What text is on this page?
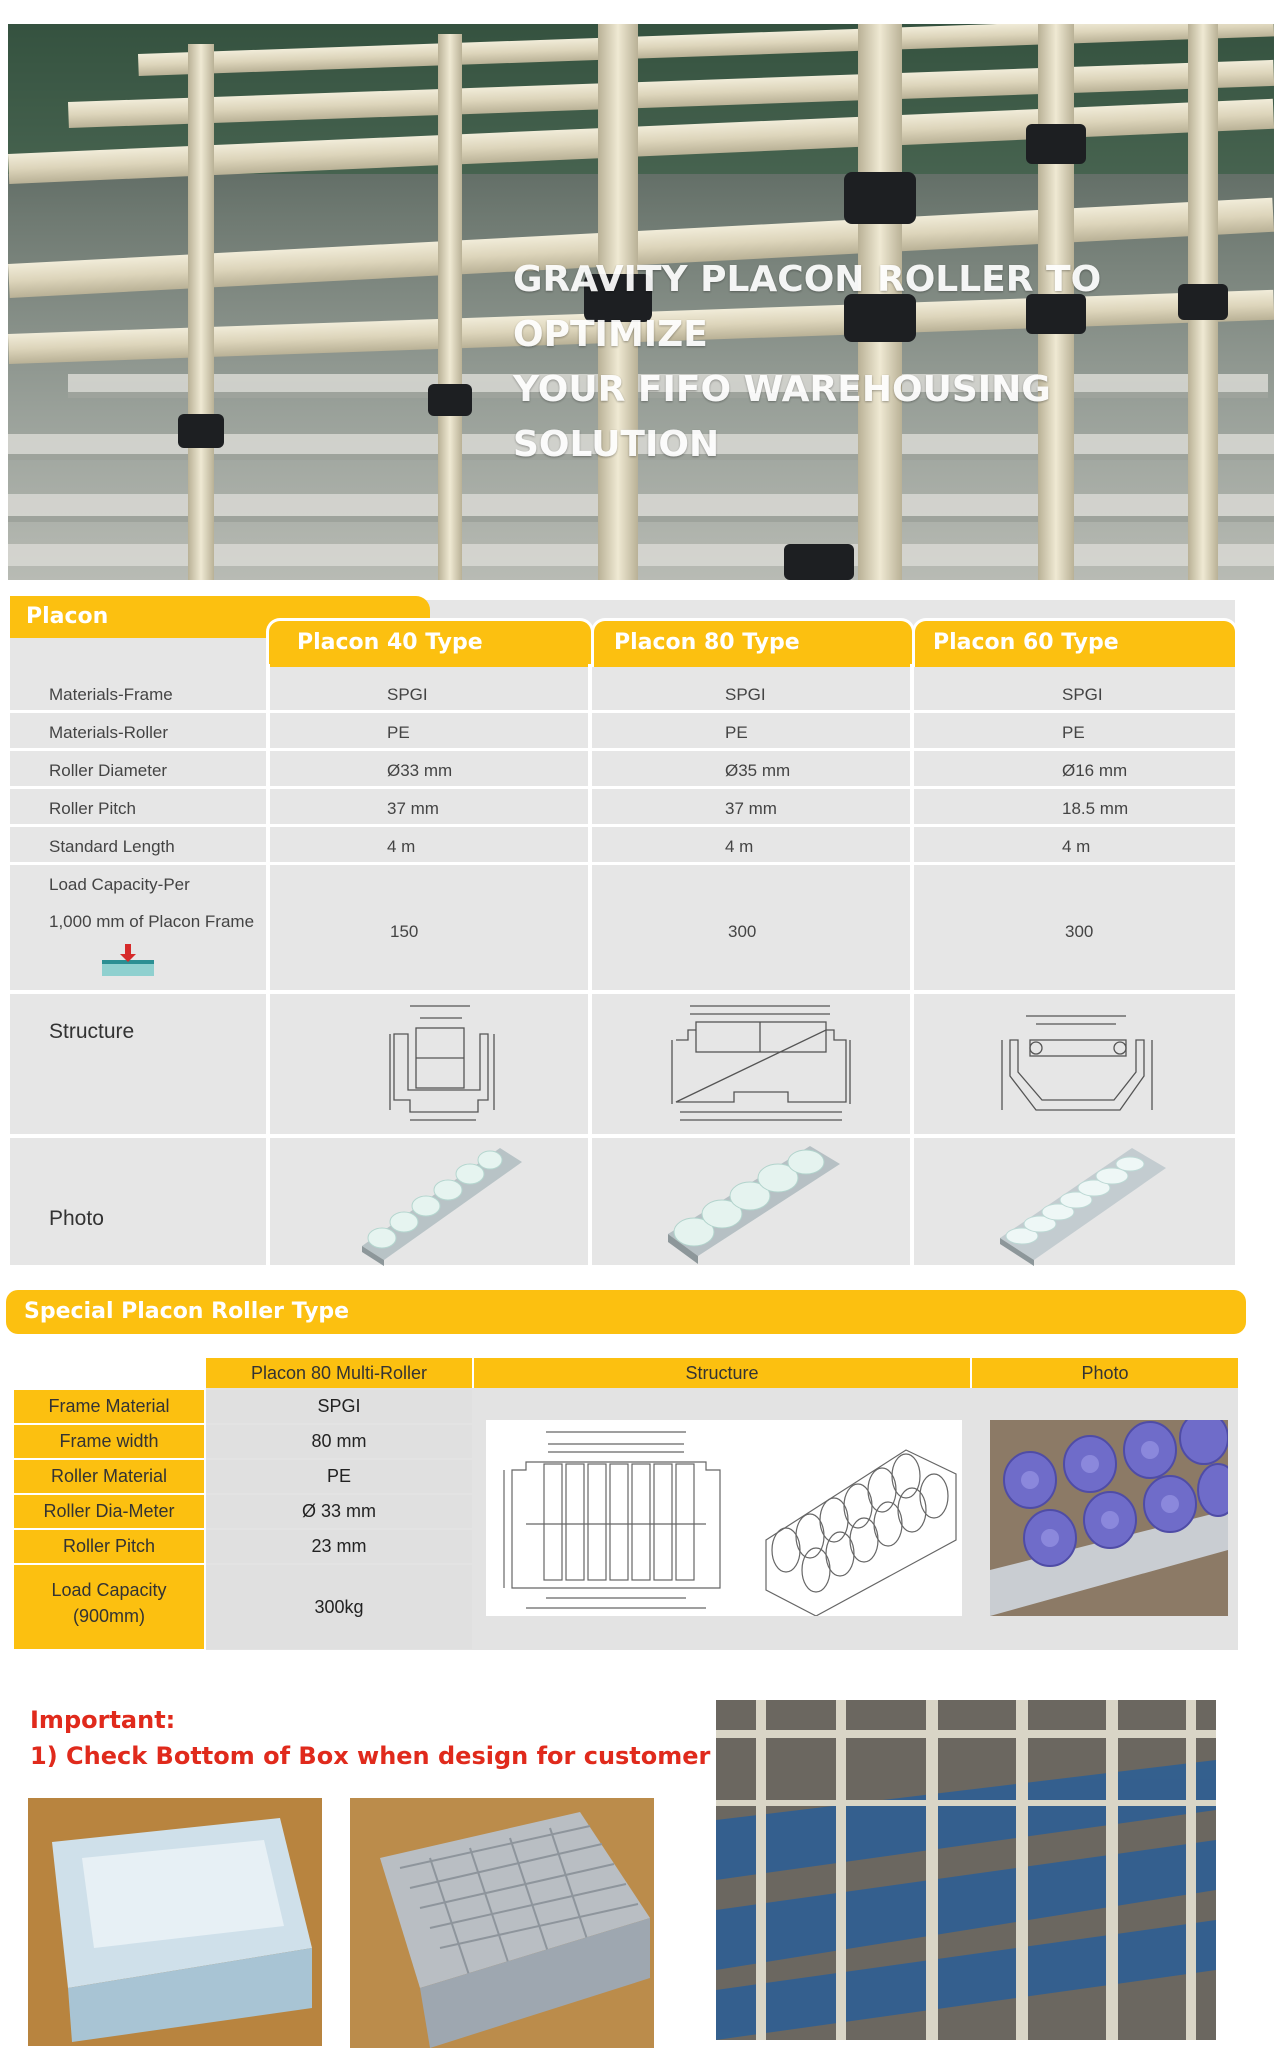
GRAVITY PLACON ROLLER TO OPTIMIZE
YOUR FIFO WAREHOUSING
SOLUTION
Placon
Placon 40 Type	Placon 80 Type	Placon 60 Type
Materials-Frame	SPGI	SPGI	SPGI
Materials-Roller	PE	PE	PE
Roller Diameter	Ø33 mm	Ø35 mm	Ø16 mm
Roller Pitch	37 mm	37 mm	18.5 mm
Standard Length	4 m	4 m	4 m
Load Capacity-Per
1,000 mm of Placon Frame
150	300	300
Structure
Photo
Special Placon Roller Type
Placon 80 Multi-Roller	Structure	Photo
Frame Material	SPGI
Frame width	80 mm
Roller Material	PE
Roller Dia-Meter	Ø 33 mm
Roller Pitch	23 mm
Load Capacity
(900mm)	300kg
Important:
1) Check Bottom of Box when design for customer
